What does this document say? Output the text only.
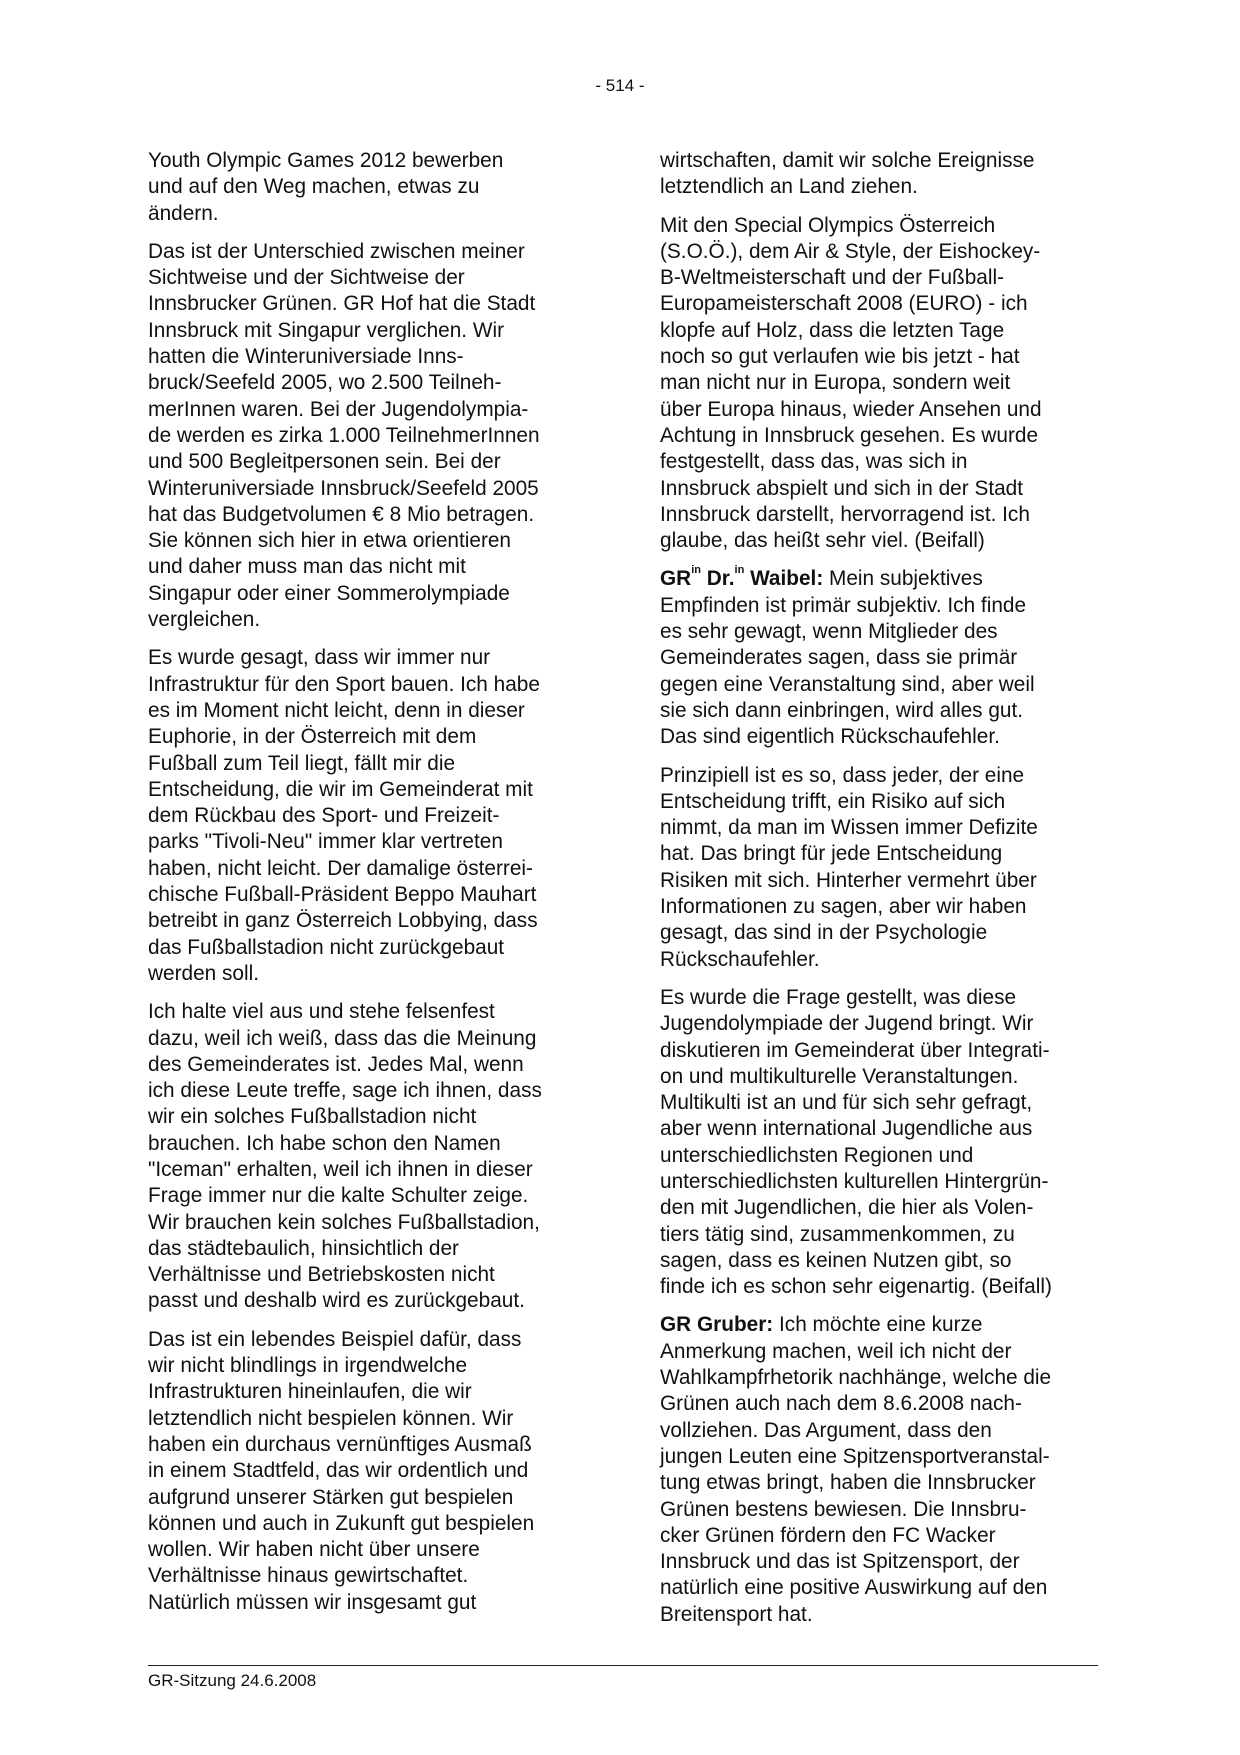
- 514 -

Youth Olympic Games 2012 bewerben
und auf den Weg machen, etwas zu
ändern.

Das ist der Unterschied zwischen meiner
Sichtweise und der Sichtweise der
Innsbrucker Grünen. GR Hof hat die Stadt
Innsbruck mit Singapur verglichen. Wir
hatten die Winteruniversiade Inns-
bruck/Seefeld 2005, wo 2.500 Teilneh-
merInnen waren. Bei der Jugendolympia-
de werden es zirka 1.000 TeilnehmerInnen
und 500 Begleitpersonen sein. Bei der
Winteruniversiade Innsbruck/Seefeld 2005
hat das Budgetvolumen € 8 Mio betragen.
Sie können sich hier in etwa orientieren
und daher muss man das nicht mit
Singapur oder einer Sommerolympiade
vergleichen.

Es wurde gesagt, dass wir immer nur
Infrastruktur für den Sport bauen. Ich habe
es im Moment nicht leicht, denn in dieser
Euphorie, in der Österreich mit dem
Fußball zum Teil liegt, fällt mir die
Entscheidung, die wir im Gemeinderat mit
dem Rückbau des Sport- und Freizeit-
parks "Tivoli-Neu" immer klar vertreten
haben, nicht leicht. Der damalige österrei-
chische Fußball-Präsident Beppo Mauhart
betreibt in ganz Österreich Lobbying, dass
das Fußballstadion nicht zurückgebaut
werden soll.

Ich halte viel aus und stehe felsenfest
dazu, weil ich weiß, dass das die Meinung
des Gemeinderates ist. Jedes Mal, wenn
ich diese Leute treffe, sage ich ihnen, dass
wir ein solches Fußballstadion nicht
brauchen. Ich habe schon den Namen
"Iceman" erhalten, weil ich ihnen in dieser
Frage immer nur die kalte Schulter zeige.
Wir brauchen kein solches Fußballstadion,
das städtebaulich, hinsichtlich der
Verhältnisse und Betriebskosten nicht
passt und deshalb wird es zurückgebaut.

Das ist ein lebendes Beispiel dafür, dass
wir nicht blindlings in irgendwelche
Infrastrukturen hineinlaufen, die wir
letztendlich nicht bespielen können. Wir
haben ein durchaus vernünftiges Ausmaß
in einem Stadtfeld, das wir ordentlich und
aufgrund unserer Stärken gut bespielen
können und auch in Zukunft gut bespielen
wollen. Wir haben nicht über unsere
Verhältnisse hinaus gewirtschaftet.
Natürlich müssen wir insgesamt gut

wirtschaften, damit wir solche Ereignisse
letztendlich an Land ziehen.

Mit den Special Olympics Österreich
(S.O.Ö.), dem Air & Style, der Eishockey-
B-Weltmeisterschaft und der Fußball-
Europameisterschaft 2008 (EURO) - ich
klopfe auf Holz, dass die letzten Tage
noch so gut verlaufen wie bis jetzt - hat
man nicht nur in Europa, sondern weit
über Europa hinaus, wieder Ansehen und
Achtung in Innsbruck gesehen. Es wurde
festgestellt, dass das, was sich in
Innsbruck abspielt und sich in der Stadt
Innsbruck darstellt, hervorragend ist. Ich
glaube, das heißt sehr viel. (Beifall)

$GR^{in}$ Dr.$^{in}$ Waibel: Mein subjektives
Empfinden ist primär subjektiv. Ich finde
es sehr gewagt, wenn Mitglieder des
Gemeinderates sagen, dass sie primär
gegen eine Veranstaltung sind, aber weil
sie sich dann einbringen, wird alles gut.
Das sind eigentlich Rückschaufehler.

Prinzipiell ist es so, dass jeder, der eine
Entscheidung trifft, ein Risiko auf sich
nimmt, da man im Wissen immer Defizite
hat. Das bringt für jede Entscheidung
Risiken mit sich. Hinterher vermehrt über
Informationen zu sagen, aber wir haben
gesagt, das sind in der Psychologie
Rückschaufehler.

Es wurde die Frage gestellt, was diese
Jugendolympiade der Jugend bringt. Wir
diskutieren im Gemeinderat über Integrati-
on und multikulturelle Veranstaltungen.
Multikulti ist an und für sich sehr gefragt,
aber wenn international Jugendliche aus
unterschiedlichsten Regionen und
unterschiedlichsten kulturellen Hintergrün-
den mit Jugendlichen, die hier als Volen-
tiers tätig sind, zusammenkommen, zu
sagen, dass es keinen Nutzen gibt, so
finde ich es schon sehr eigenartig. (Beifall)

GR Gruber: Ich möchte eine kurze
Anmerkung machen, weil ich nicht der
Wahlkampfrhetorik nachhänge, welche die
Grünen auch nach dem 8.6.2008 nach-
vollziehen. Das Argument, dass den
jungen Leuten eine Spitzensportveranstal-
tung etwas bringt, haben die Innsbrucker
Grünen bestens bewiesen. Die Innsbru-
cker Grünen fördern den FC Wacker
Innsbruck und das ist Spitzensport, der
natürlich eine positive Auswirkung auf den
Breitensport hat.

GR-Sitzung 24.6.2008
